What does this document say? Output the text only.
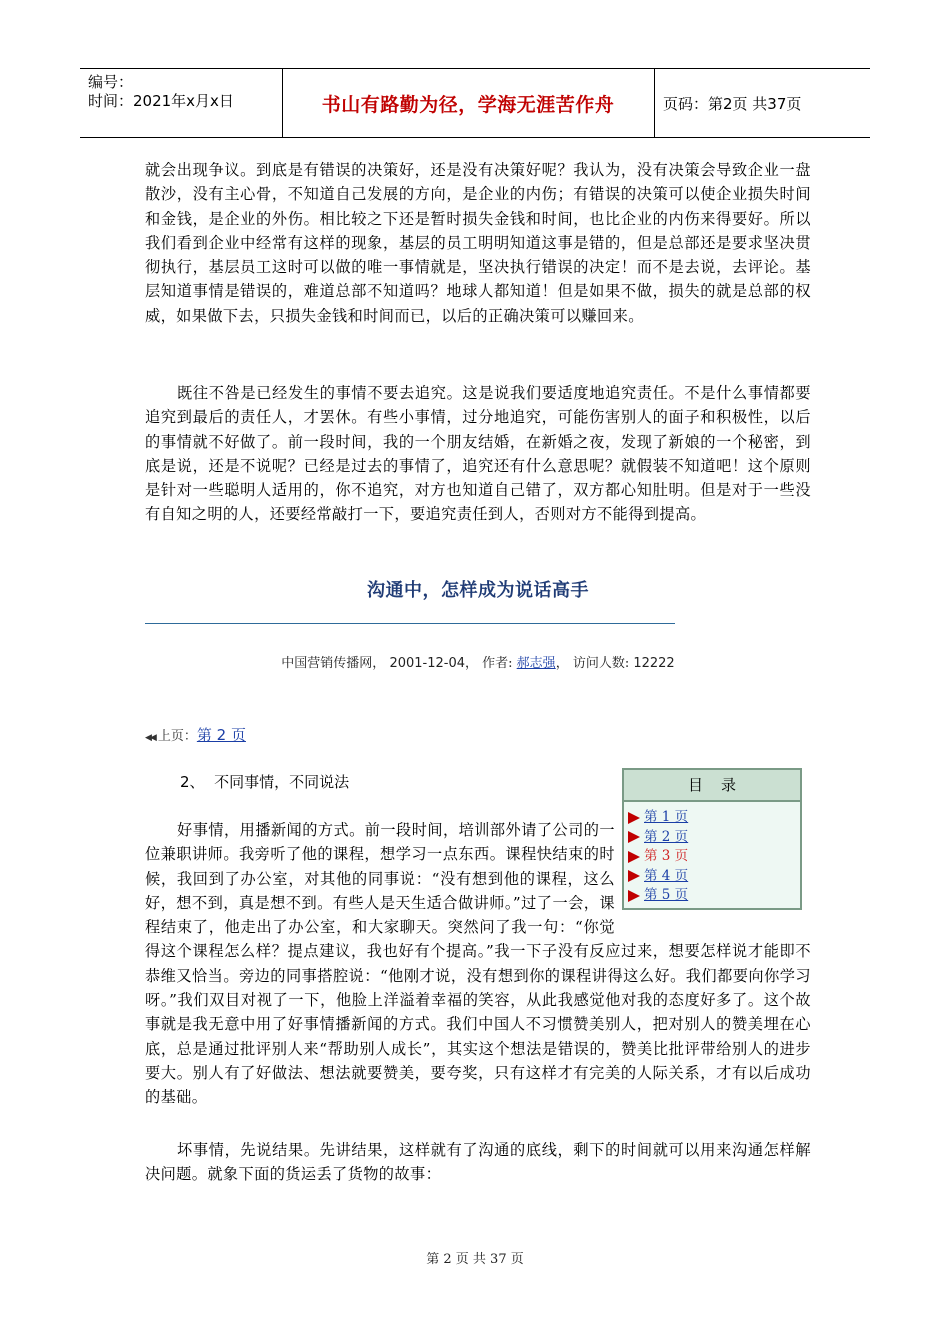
编号：
时间：2021年x月x日	书山有路勤为径，学海无涯苦作舟	页码：第2页 共37页

就会出现争议。到底是有错误的决策好，还是没有决策好呢？我认为，没有决策会导致企业一盘散沙，没有主心骨，不知道自己发展的方向，是企业的内伤；有错误的决策可以使企业损失时间和金钱，是企业的外伤。相比较之下还是暂时损失金钱和时间，也比企业的内伤来得要好。所以我们看到企业中经常有这样的现象，基层的员工明明知道这事是错的，但是总部还是要求坚决贯彻执行，基层员工这时可以做的唯一事情就是，坚决执行错误的决定！而不是去说，去评论。基层知道事情是错误的，难道总部不知道吗？地球人都知道！但是如果不做，损失的就是总部的权威，如果做下去，只损失金钱和时间而已，以后的正确决策可以赚回来。

既往不咎是已经发生的事情不要去追究。这是说我们要适度地追究责任。不是什么事情都要追究到最后的责任人，才罢休。有些小事情，过分地追究，可能伤害别人的面子和积极性，以后的事情就不好做了。前一段时间，我的一个朋友结婚，在新婚之夜，发现了新娘的一个秘密，到底是说，还是不说呢？已经是过去的事情了，追究还有什么意思呢？就假装不知道吧！这个原则是针对一些聪明人适用的，你不追究，对方也知道自己错了，双方都心知肚明。但是对于一些没有自知之明的人，还要经常敲打一下，要追究责任到人，否则对方不能得到提高。

沟通中，怎样成为说话高手
中国营销传播网， 2001-12-04， 作者: 郝志强， 访问人数: 12222
◀◀ 上页：第 2 页
2、 不同事情，不同说法

好事情，用播新闻的方式。前一段时间，培训部外请了公司的一位兼职讲师。我旁听了他的课程，想学习一点东西。课程快结束的时候，我回到了办公室，对其他的同事说：“没有想到他的课程，这么好，想不到，真是想不到。有些人是天生适合做讲师。”过了一会，课程结束了，他走出了办公室，和大家聊天。突然问了我一句：“你觉得这个课程怎么样？提点建议，我也好有个提高。”我一下子没有反应过来，想要怎样说才能即不恭维又恰当。旁边的同事搭腔说：“他刚才说，没有想到你的课程讲得这么好。我们都要向你学习呀。”我们双目对视了一下，他脸上洋溢着幸福的笑容，从此我感觉他对我的态度好多了。这个故事就是我无意中用了好事情播新闻的方式。我们中国人不习惯赞美别人，把对别人的赞美埋在心底，总是通过批评别人来“帮助别人成长”，其实这个想法是错误的，赞美比批评带给别人的进步要大。别人有了好做法、想法就要赞美，要夸奖，只有这样才有完美的人际关系，才有以后成功的基础。

坏事情，先说结果。先讲结果，这样就有了沟通的底线，剩下的时间就可以用来沟通怎样解决问题。就象下面的货运丢了货物的故事：

目录
第 1 页
第 2 页
第 3 页
第 4 页
第 5 页
第 2 页 共 37 页
